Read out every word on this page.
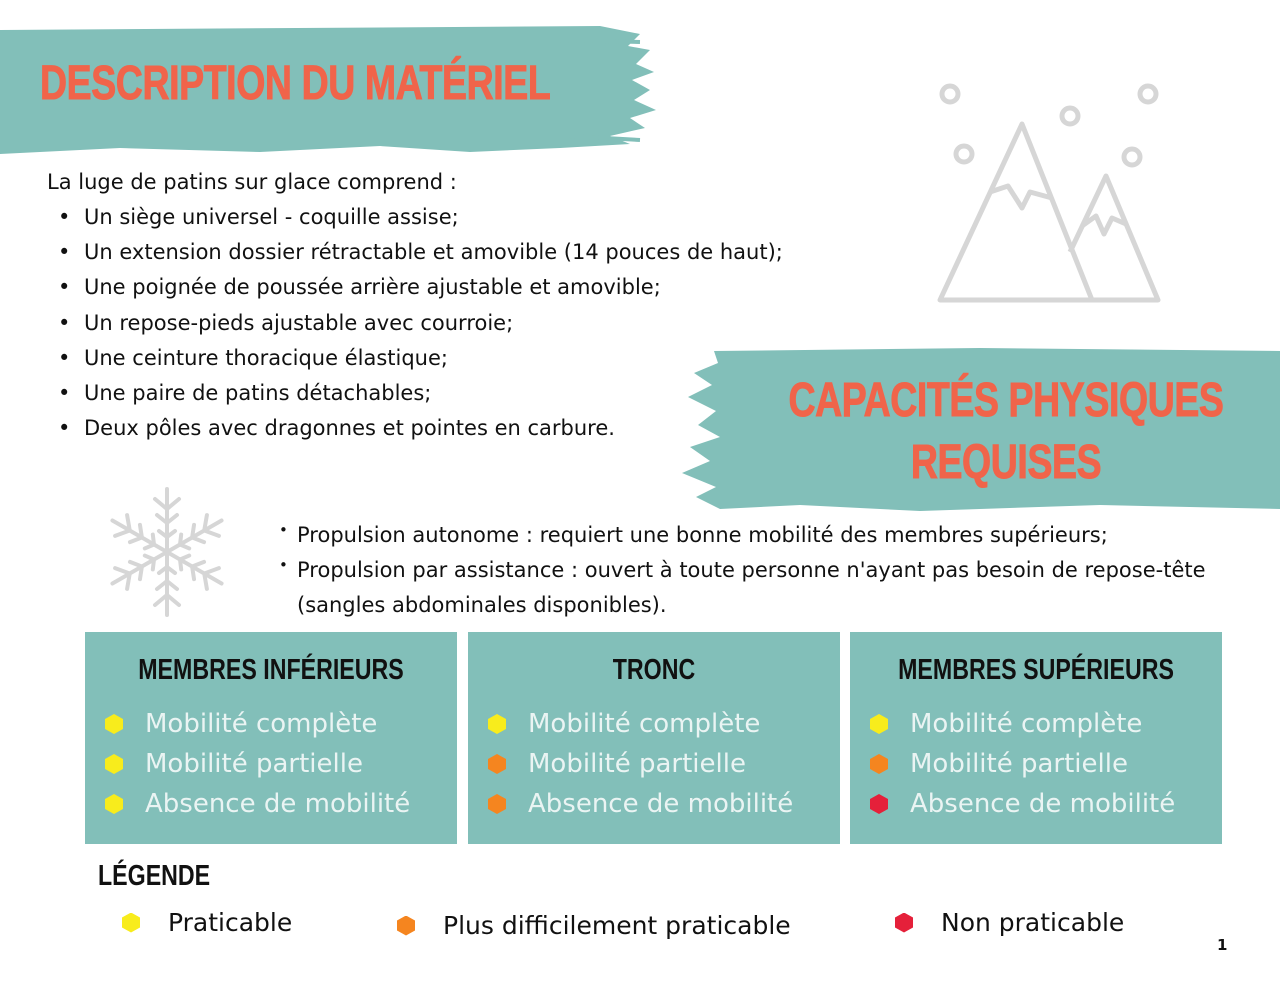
DESCRIPTION DU MATÉRIEL
CAPACITÉS PHYSIQUES
REQUISES

La luge de patins sur glace comprend :

• Un siège universel - coquille assise;
• Un extension dossier rétractable et amovible (14 pouces de haut);
• Une poignée de poussée arrière ajustable et amovible;
• Un repose-pieds ajustable avec courroie;
• Une ceinture thoracique élastique;
• Une paire de patins détachables;
• Deux pôles avec dragonnes et pointes en carbure.
• Propulsion autonome : requiert une bonne mobilité des membres supérieurs;
• Propulsion par assistance : ouvert à toute personne n'ayant pas besoin de repose-tête (sangles abdominales disponibles).
MEMBRES INFÉRIEURS
Mobilité complète
Mobilité partielle
Absence de mobilité
TRONC
Mobilité complète
Mobilité partielle
Absence de mobilité
MEMBRES SUPÉRIEURS
Mobilité complète
Mobilité partielle
Absence de mobilité
LÉGENDE
Praticable	Plus difficilement praticable	Non praticable
1
